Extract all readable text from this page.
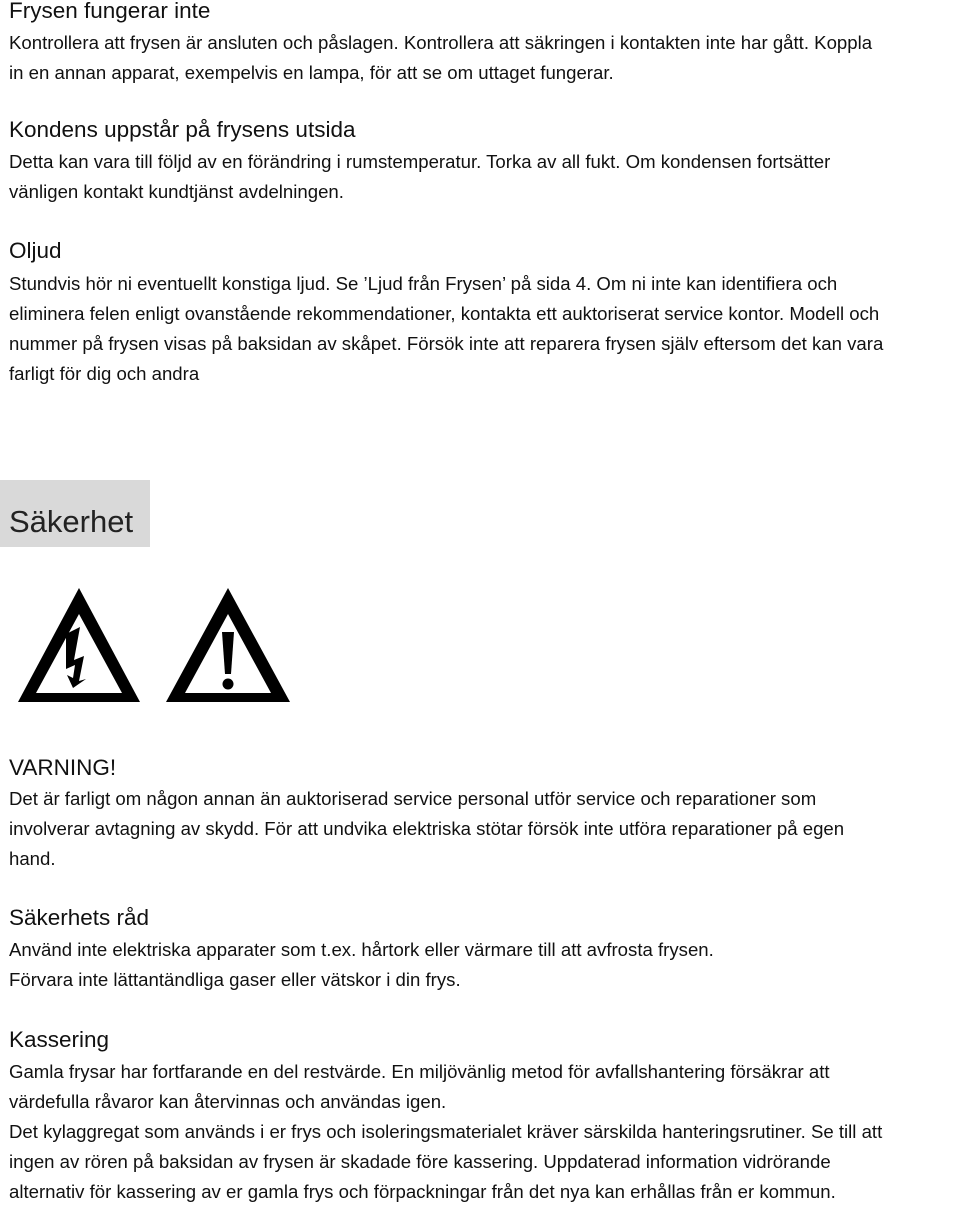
Frysen fungerar inte
Kontrollera att frysen är ansluten och påslagen. Kontrollera att säkringen i kontakten inte har gått. Koppla
in en annan apparat, exempelvis en lampa, för att se om uttaget fungerar.
Kondens uppstår på frysens utsida
Detta kan vara till följd av en förändring i rumstemperatur. Torka av all fukt. Om kondensen fortsätter
vänligen kontakt kundtjänst avdelningen.
Oljud
Stundvis hör ni eventuellt konstiga ljud. Se ’Ljud från Frysen’ på sida 4. Om ni inte kan identifiera och
eliminera felen enligt ovanstående rekommendationer, kontakta ett auktoriserat service kontor. Modell och
nummer på frysen visas på baksidan av skåpet. Försök inte att reparera frysen själv eftersom det kan vara
farligt för dig och andra
Säkerhet
VARNING!
Det är farligt om någon annan än auktoriserad service personal utför service och reparationer som
involverar avtagning av skydd. För att undvika elektriska stötar försök inte utföra reparationer på egen
hand.
Säkerhets råd
Använd inte elektriska apparater som t.ex. hårtork eller värmare till att avfrosta frysen.
Förvara inte lättantändliga gaser eller vätskor i din frys.
Kassering
Gamla frysar har fortfarande en del restvärde. En miljövänlig metod för avfallshantering försäkrar att
värdefulla råvaror kan återvinnas och användas igen.
Det kylaggregat som används i er frys och isoleringsmaterialet kräver särskilda hanteringsrutiner. Se till att
ingen av rören på baksidan av frysen är skadade före kassering. Uppdaterad information vidrörande
alternativ för kassering av er gamla frys och förpackningar från det nya kan erhållas från er kommun.
